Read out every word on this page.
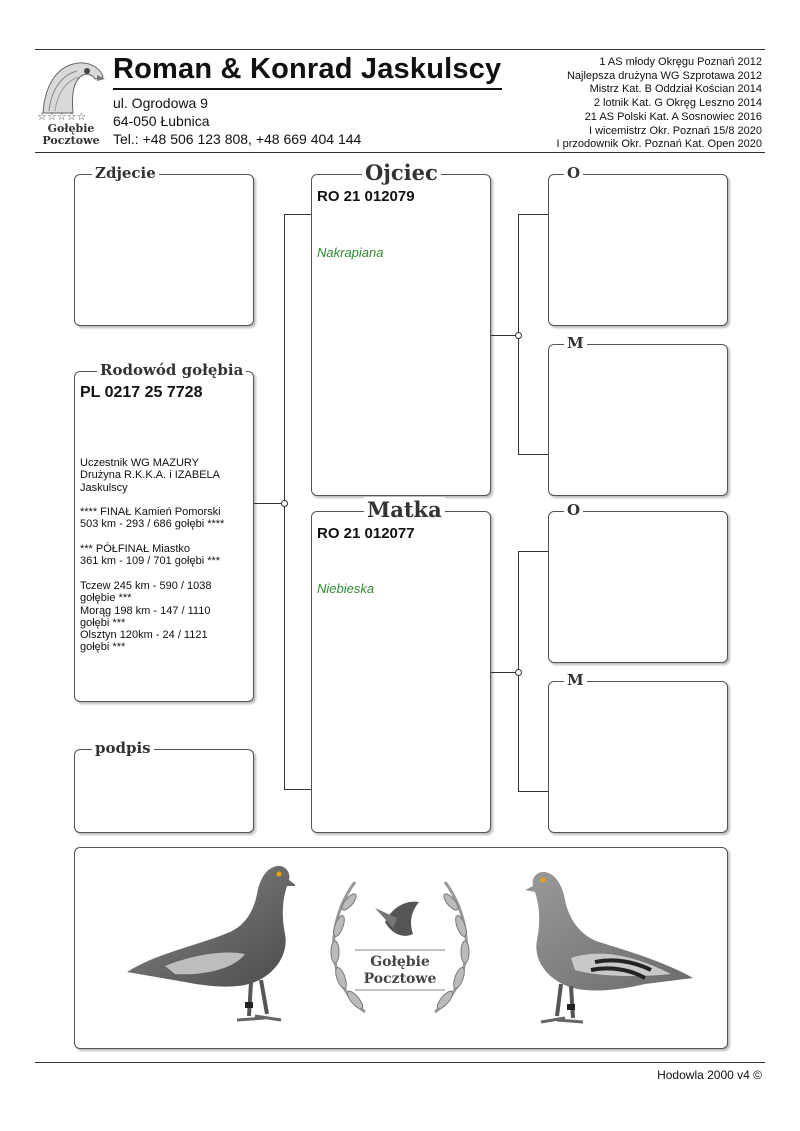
☆☆☆☆☆
Gołębie Pocztowe
Roman & Konrad Jaskulscy
ul. Ogrodowa 9
64-050 Łubnica
Tel.: +48 506 123 808, +48 669 404 144
1 AS młody Okręgu Poznań 2012
Najlepsza drużyna WG Szprotawa 2012
Mistrz Kat. B Oddział Kościan 2014
2 lotnik Kat. G Okręg Leszno 2014
21 AS Polski Kat. A Sosnowiec 2016
I wicemistrz Okr. Poznań 15/8 2020
I przodownik Okr. Poznań Kat. Open 2020
Zdjecie
Rodowód gołębia
PL 0217 25 7728
Uczestnik WG MAZURY
Drużyna R.K.K.A. i IZABELA
Jaskulscy
**** FINAŁ Kamień Pomorski
503 km - 293 / 686 gołębi ****
*** PÓŁFINAŁ Miastko
361 km - 109 / 701 gołębi ***
Tczew 245 km - 590 / 1038
gołębie ***
Morąg 198 km - 147 / 1110
gołębi ***
Olsztyn 120km - 24 / 1121
gołębi ***
podpis
Ojciec
RO 21 012079
Nakrapiana
Matka
RO 21 012077
Niebieska
O
M
O
M
Gołębie
Pocztowe
Hodowla 2000 v4 ©
